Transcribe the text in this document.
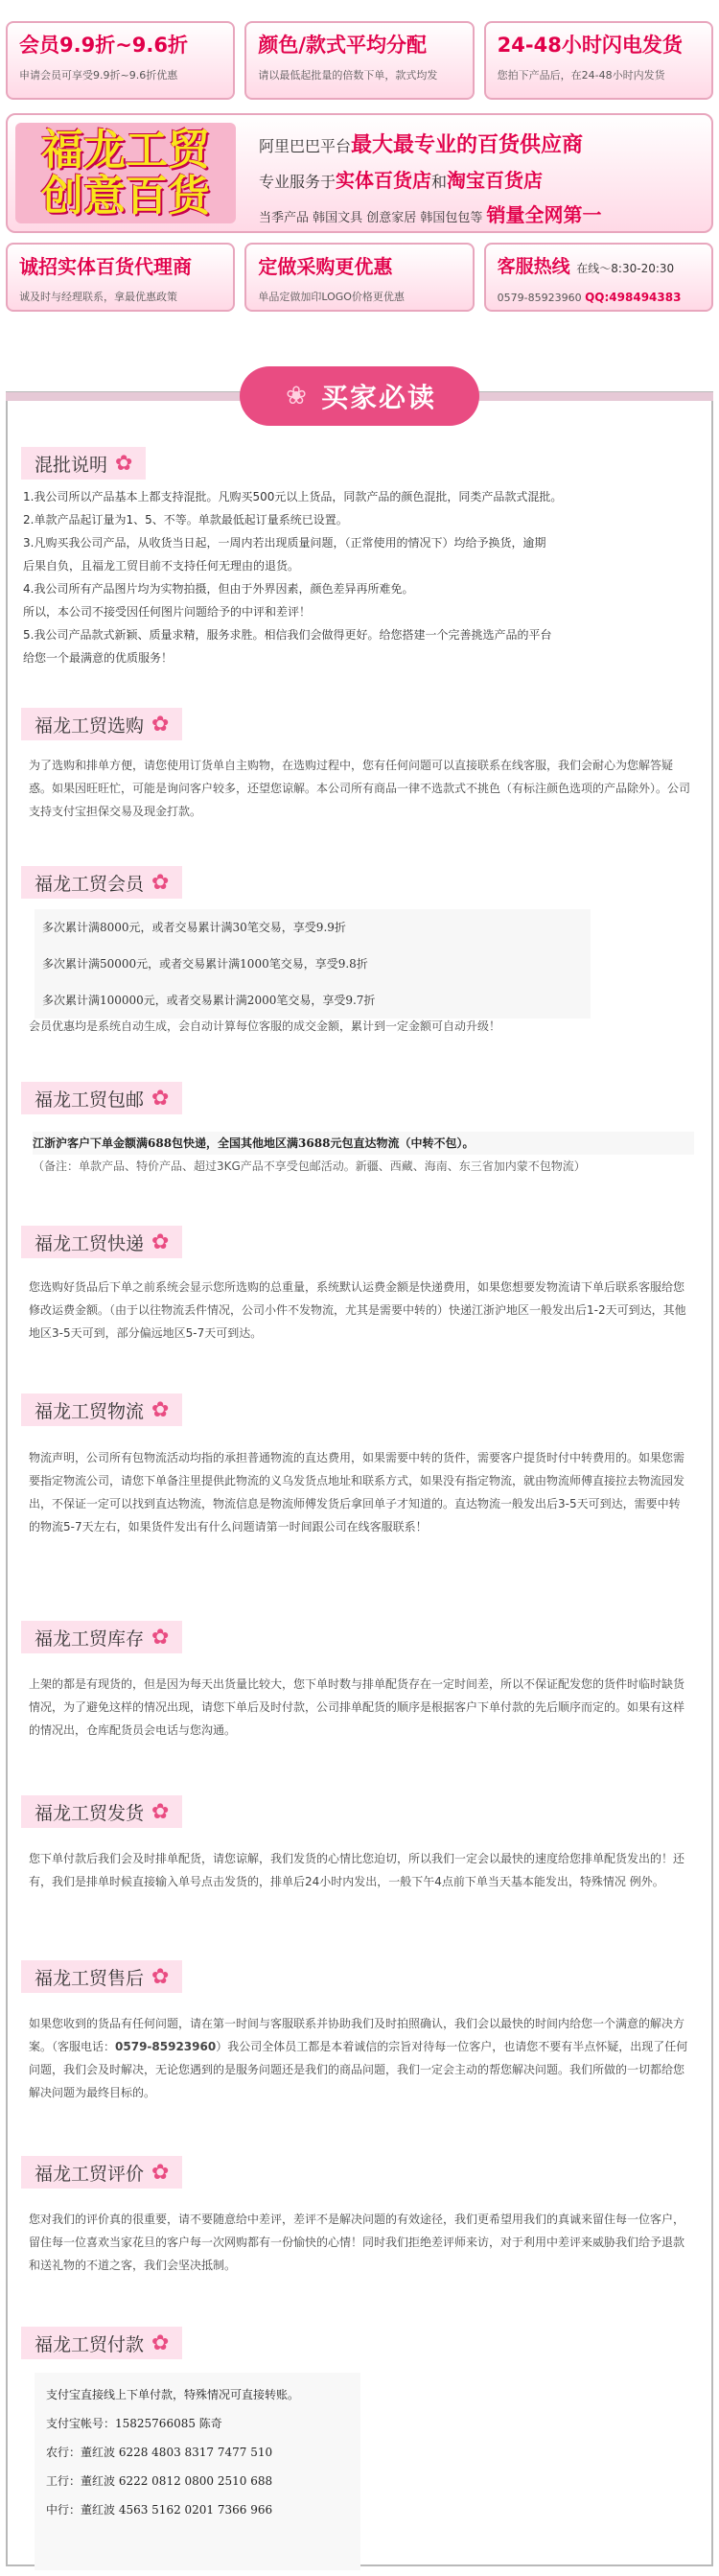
会员9.9折~9.6折
申请会员可享受9.9折~9.6折优惠
颜色/款式平均分配
请以最低起批量的倍数下单，款式均发
24-48小时闪电发货
您拍下产品后，在24-48小时内发货
福龙工贸
创意百货
阿里巴巴平台最大最专业的百货供应商
专业服务于实体百货店和淘宝百货店
当季产品 韩国文具 创意家居 韩国包包等 销量全网第一
诚招实体百货代理商
诚及时与经理联系，拿最优惠政策
定做采购更优惠
单品定做加印LOGO价格更优惠
客服热线 在线～8:30-20:30
0579-85923960 QQ:498494383
❀ 买家必读
混批说明 ✿

1.我公司所以产品基本上都支持混批。凡购买500元以上货品，同款产品的颜色混批，同类产品款式混批。

2.单款产品起订量为1、5、不等。单款最低起订量系统已设置。

3.凡购买我公司产品，从收货当日起，一周内若出现质量问题，（正常使用的情况下）均给予换货，逾期

后果自负，且福龙工贸目前不支持任何无理由的退货。

4.我公司所有产品图片均为实物拍摄，但由于外界因素，颜色差异再所难免。

所以，本公司不接受因任何图片问题给予的中评和差评！

5.我公司产品款式新颖、质量求精，服务求胜。相信我们会做得更好。给您搭建一个完善挑选产品的平台

给您一个最满意的优质服务！

福龙工贸选购 ✿

为了选购和排单方便，请您使用订货单自主购物，在选购过程中，您有任何问题可以直接联系在线客服，我们会耐心为您解答疑惑。如果因旺旺忙，可能是询问客户较多，还望您谅解。本公司所有商品一律不选款式不挑色（有标注颜色选项的产品除外）。公司支持支付宝担保交易及现金打款。

福龙工贸会员 ✿

多次累计满8000元，或者交易累计满30笔交易，享受9.9折

多次累计满50000元，或者交易累计满1000笔交易，享受9.8折

多次累计满100000元，或者交易累计满2000笔交易，享受9.7折

会员优惠均是系统自动生成，会自动计算每位客服的成交金额，累计到一定金额可自动升级！

福龙工贸包邮 ✿

江浙沪客户下单金额满688包快递，全国其他地区满3688元包直达物流（中转不包）。

（备注：单款产品、特价产品、超过3KG产品不享受包邮活动。新疆、西藏、海南、东三省加内蒙不包物流）

福龙工贸快递 ✿

您选购好货品后下单之前系统会显示您所选购的总重量，系统默认运费金额是快递费用，如果您想要发物流请下单后联系客服给您修改运费金额。（由于以往物流丢件情况，公司小件不发物流，尤其是需要中转的）快递江浙沪地区一般发出后1-2天可到达，其他地区3-5天可到，部分偏远地区5-7天可到达。

福龙工贸物流 ✿

物流声明，公司所有包物流活动均指的承担普通物流的直达费用，如果需要中转的货件，需要客户提货时付中转费用的。如果您需要指定物流公司，请您下单备注里提供此物流的义乌发货点地址和联系方式，如果没有指定物流，就由物流师傅直接拉去物流园发出，不保证一定可以找到直达物流，物流信息是物流师傅发货后拿回单子才知道的。直达物流一般发出后3-5天可到达，需要中转的物流5-7天左右，如果货件发出有什么问题请第一时间跟公司在线客服联系！

福龙工贸库存 ✿

上架的都是有现货的，但是因为每天出货量比较大，您下单时数与排单配货存在一定时间差，所以不保证配发您的货件时临时缺货情况，为了避免这样的情况出现，请您下单后及时付款，公司排单配货的顺序是根据客户下单付款的先后顺序而定的。如果有这样的情况出，仓库配货员会电话与您沟通。

福龙工贸发货 ✿

您下单付款后我们会及时排单配货，请您谅解，我们发货的心情比您迫切，所以我们一定会以最快的速度给您排单配货发出的！还有，我们是排单时候直接输入单号点击发货的，排单后24小时内发出，一般下午4点前下单当天基本能发出，特殊情况 例外。

福龙工贸售后 ✿

如果您收到的货品有任何问题，请在第一时间与客服联系并协助我们及时拍照确认，我们会以最快的时间内给您一个满意的解决方案。（客服电话：0579-85923960）我公司全体员工都是本着诚信的宗旨对待每一位客户，也请您不要有半点怀疑，出现了任何问题，我们会及时解决，无论您遇到的是服务问题还是我们的商品问题，我们一定会主动的帮您解决问题。我们所做的一切都给您解决问题为最终目标的。

福龙工贸评价 ✿

您对我们的评价真的很重要，请不要随意给中差评，差评不是解决问题的有效途径，我们更希望用我们的真诚来留住每一位客户，留住每一位喜欢当家花旦的客户每一次网购都有一份愉快的心情！同时我们拒绝差评师来访，对于利用中差评来威胁我们给予退款和送礼物的不道之客，我们会坚决抵制。

福龙工贸付款 ✿

支付宝直接线上下单付款，特殊情况可直接转账。

支付宝帐号：15825766085 陈奇

农行：董红波 6228 4803 8317 7477 510

工行：董红波 6222 0812 0800 2510 688

中行：董红波 4563 5162 0201 7366 966
